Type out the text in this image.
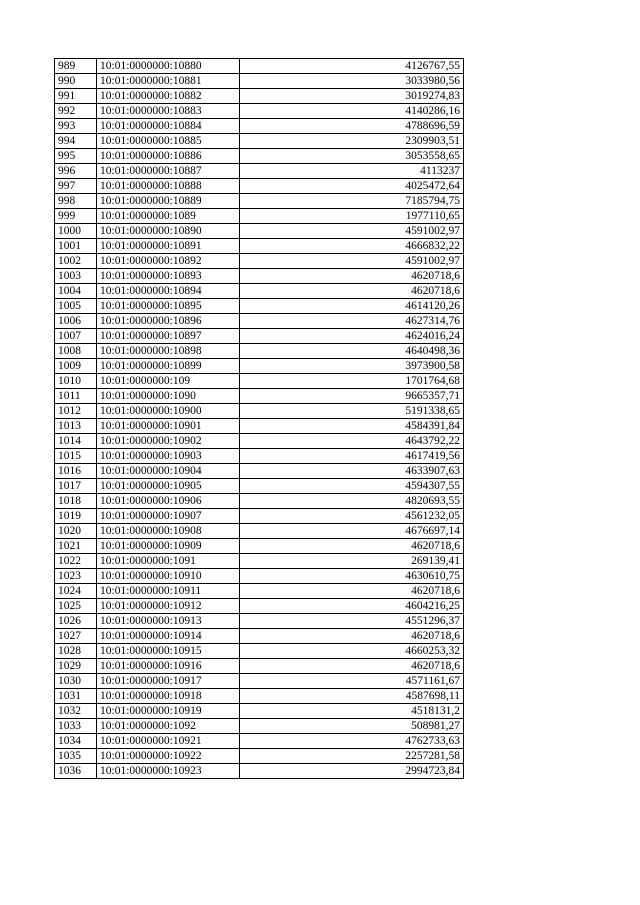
989	10:01:0000000:10880	4126767,55
990	10:01:0000000:10881	3033980,56
991	10:01:0000000:10882	3019274,83
992	10:01:0000000:10883	4140286,16
993	10:01:0000000:10884	4788696,59
994	10:01:0000000:10885	2309903,51
995	10:01:0000000:10886	3053558,65
996	10:01:0000000:10887	4113237
997	10:01:0000000:10888	4025472,64
998	10:01:0000000:10889	7185794,75
999	10:01:0000000:1089	1977110,65
1000	10:01:0000000:10890	4591002,97
1001	10:01:0000000:10891	4666832,22
1002	10:01:0000000:10892	4591002,97
1003	10:01:0000000:10893	4620718,6
1004	10:01:0000000:10894	4620718,6
1005	10:01:0000000:10895	4614120,26
1006	10:01:0000000:10896	4627314,76
1007	10:01:0000000:10897	4624016,24
1008	10:01:0000000:10898	4640498,36
1009	10:01:0000000:10899	3973900,58
1010	10:01:0000000:109	1701764,68
1011	10:01:0000000:1090	9665357,71
1012	10:01:0000000:10900	5191338,65
1013	10:01:0000000:10901	4584391,84
1014	10:01:0000000:10902	4643792,22
1015	10:01:0000000:10903	4617419,56
1016	10:01:0000000:10904	4633907,63
1017	10:01:0000000:10905	4594307,55
1018	10:01:0000000:10906	4820693,55
1019	10:01:0000000:10907	4561232,05
1020	10:01:0000000:10908	4676697,14
1021	10:01:0000000:10909	4620718,6
1022	10:01:0000000:1091	269139,41
1023	10:01:0000000:10910	4630610,75
1024	10:01:0000000:10911	4620718,6
1025	10:01:0000000:10912	4604216,25
1026	10:01:0000000:10913	4551296,37
1027	10:01:0000000:10914	4620718,6
1028	10:01:0000000:10915	4660253,32
1029	10:01:0000000:10916	4620718,6
1030	10:01:0000000:10917	4571161,67
1031	10:01:0000000:10918	4587698,11
1032	10:01:0000000:10919	4518131,2
1033	10:01:0000000:1092	508981,27
1034	10:01:0000000:10921	4762733,63
1035	10:01:0000000:10922	2257281,58
1036	10:01:0000000:10923	2994723,84
